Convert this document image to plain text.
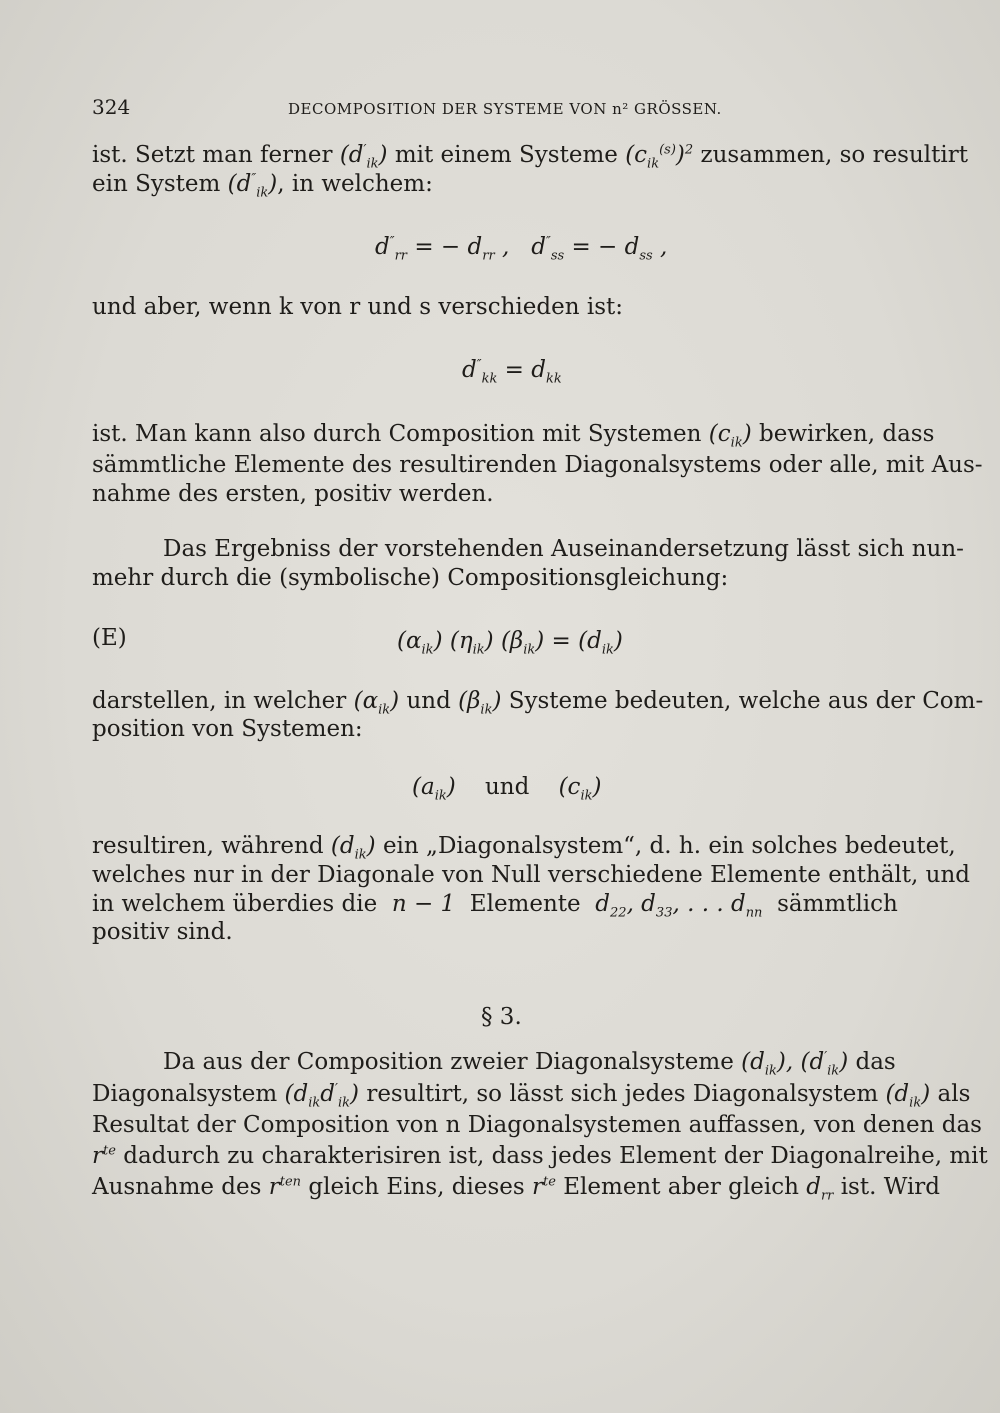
324	DECOMPOSITION DER SYSTEME VON n² GRÖSSEN.
ist. Setzt man ferner $(d'_{ik})$ mit einem Systeme $(c_{ik}^{(s)})^2$ zusammen, so resultirt
ein System $(d''_{ik})$, in welchem:
$d''_{rr}$ = − $d_{rr}$ ,   $d''_{ss}$ = − $d_{ss}$ ,
und aber, wenn k von r und s verschieden ist:
$d''_{kk} = d_{kk}$
ist. Man kann also durch Composition mit Systemen $(c_{ik})$ bewirken, dass
sämmtliche Elemente des resultirenden Diagonalsystems oder alle, mit Aus-
nahme des ersten, positiv werden.
Das Ergebniss der vorstehenden Auseinandersetzung lässt sich nun-
mehr durch die (symbolische) Compositionsgleichung:
(E)	$(\alpha_{ik})$ $(\eta_{ik}) (\beta_{ik}) = (d_{ik})$
darstellen, in welcher $(\alpha_{ik})$ und $(\beta_{ik})$ Systeme bedeuten, welche aus der Com-
position von Systemen:
$(a_{ik})$ und $(c_{ik})$
resultiren, während $(d_{ik})$ ein „Diagonalsystem“, d. h. ein solches bedeutet,
welches nur in der Diagonale von Null verschiedene Elemente enthält, und
in welchem überdies die n − 1 Elemente $d_{22}$, $d_{33}$, . . . $d_{nn}$ sämmtlich
positiv sind.
§ 3.
Da aus der Composition zweier Diagonalsysteme $(d_{ik})$, $(d'_{ik})$ das
Diagonalsystem $(d_{ik}d'_{ik})$ resultirt, so lässt sich jedes Diagonalsystem $(d_{ik})$ als
Resultat der Composition von n Diagonalsystemen auffassen, von denen das
$r^{te}$ dadurch zu charakterisiren ist, dass jedes Element der Diagonalreihe, mit
Ausnahme des $r^{ten}$ gleich Eins, dieses $r^{te}$ Element aber gleich $d_{rr}$ ist. Wird
